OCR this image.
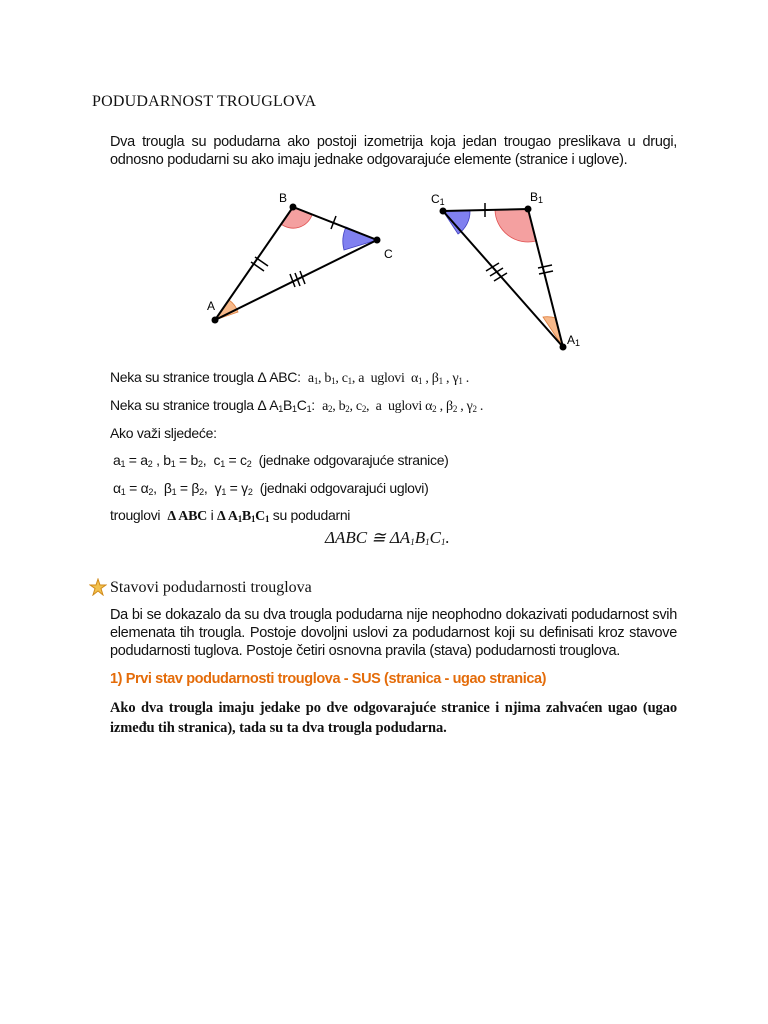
PODUDARNOST TROUGLOVA
Dva trougla su podudarna ako postoji izometrija koja jedan trougao preslikava u drugi, odnosno podudarni su ako imaju jednake odgovarajuće elemente (stranice i uglove).
A
B
C
C1	B1
A1
Neka su stranice trougla Δ ABC: $a_1$, $b_1$, $c_1$, a  uglovi  $\alpha_1$ , $\beta_1$ , $\gamma_1$ .
Neka su stranice trougla Δ $A_1B_1C_1$:  $a_2$, $b_2$, $c_2$,  a  uglovi $\alpha_2$ , $\beta_2$ , $\gamma_2$ .
Ako važi sljedeće:
$a_1 = a_2$ , $b_1 = b_2$,  $c_1 = c_2$ (jednake odgovarajuće stranice)
$\alpha_1 = \alpha_2$,  $\beta_1 = \beta_2$,  $\gamma_1 = \gamma_2$ (jednaki odgovarajući uglovi)
trouglovi Δ ABC i Δ $A_1B_1C_1$ su podudarni
ΔABC ≅ $\Delta A_1B_1C_1$.
Stavovi podudarnosti trouglova
Da bi se dokazalo da su dva trougla podudarna nije neophodno dokazivati podudarnost svih elemenata tih trougla. Postoje dovoljni uslovi za podudarnost koji su definisati kroz stavove podudarnosti tuglova. Postoje četiri osnovna pravila (stava) podudarnosti trouglova.
1) Prvi stav podudarnosti trouglova - SUS (stranica - ugao stranica)
Ako dva trougla imaju jedake po dve odgovarajuće stranice i njima zahvaćen ugao (ugao između tih stranica), tada su ta dva trougla podudarna.
